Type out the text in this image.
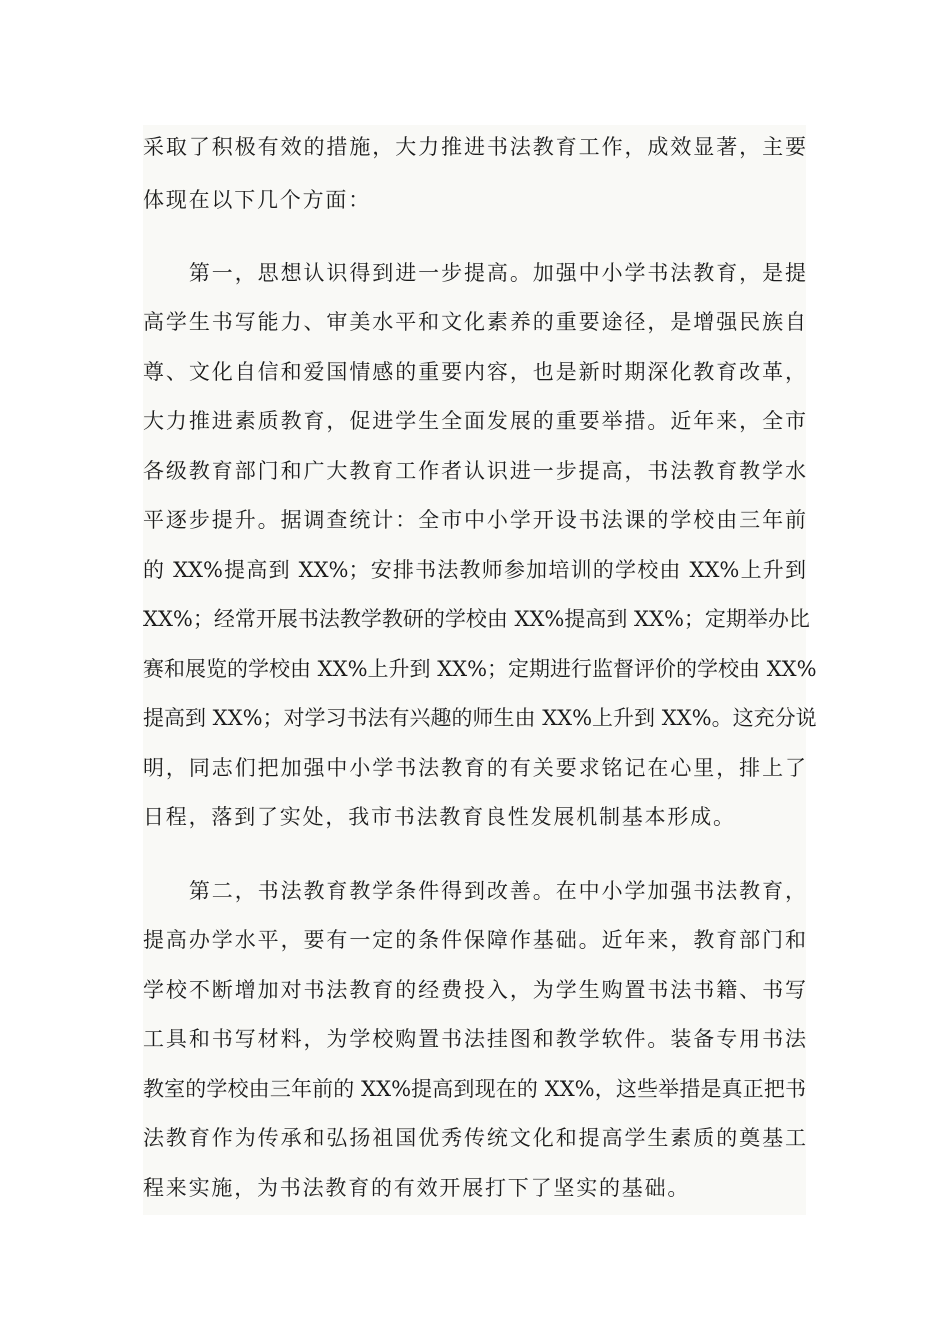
采取了积极有效的措施，大力推进书法教育工作，成效显著，主要
体现在以下几个方面：
　　第一，思想认识得到进一步提高。加强中小学书法教育，是提
高学生书写能力、审美水平和文化素养的重要途径，是增强民族自
尊、文化自信和爱国情感的重要内容，也是新时期深化教育改革，
大力推进素质教育，促进学生全面发展的重要举措。近年来，全市
各级教育部门和广大教育工作者认识进一步提高，书法教育教学水
平逐步提升。据调查统计：全市中小学开设书法课的学校由三年前
的 XX%提高到 XX%；安排书法教师参加培训的学校由 XX%上升到
XX%；经常开展书法教学教研的学校由 XX%提高到 XX%；定期举办比
赛和展览的学校由 XX%上升到 XX%；定期进行监督评价的学校由 XX%
提高到 XX%；对学习书法有兴趣的师生由 XX%上升到 XX%。这充分说
明，同志们把加强中小学书法教育的有关要求铭记在心里，排上了
日程，落到了实处，我市书法教育良性发展机制基本形成。
　　第二，书法教育教学条件得到改善。在中小学加强书法教育，
提高办学水平，要有一定的条件保障作基础。近年来，教育部门和
学校不断增加对书法教育的经费投入，为学生购置书法书籍、书写
工具和书写材料，为学校购置书法挂图和教学软件。装备专用书法
教室的学校由三年前的 XX%提高到现在的 XX%，这些举措是真正把书
法教育作为传承和弘扬祖国优秀传统文化和提高学生素质的奠基工
程来实施，为书法教育的有效开展打下了坚实的基础。
